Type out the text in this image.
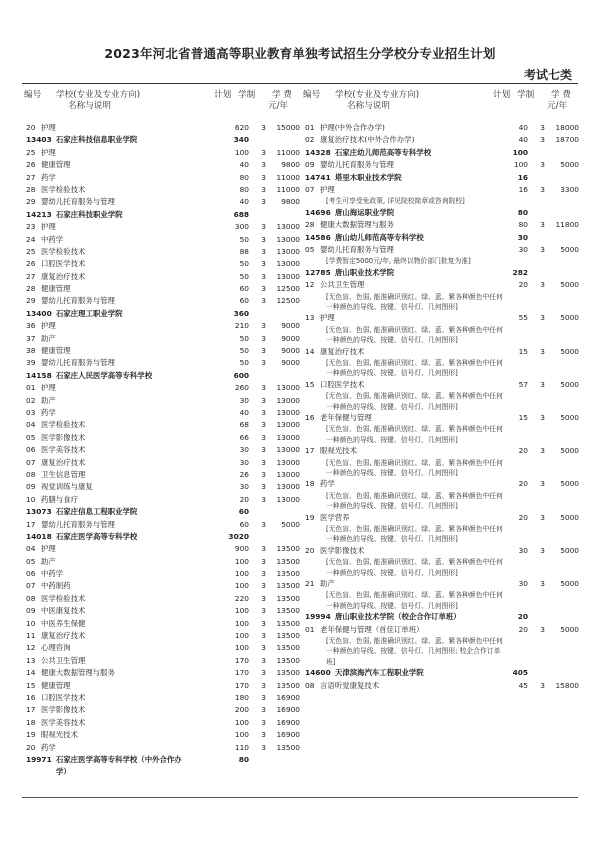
2023年河北省普通高等职业教育单独考试招生分学校分专业招生计划
考试七类
编号 学校(专业及专业方向)
名称与说明
计划 学制 学 费
元/年
20 护理	620	3	15000
13403 石家庄科技信息职业学院	340
25 护理	100	3	11000
26 健康管理	40	3	9800
27 药学	80	3	11000
28 医学检验技术	80	3	11000
29 婴幼儿托育服务与管理	40	3	9800
14213 石家庄科技职业学院	688
23 护理	300	3	13000
24 中药学	50	3	13000
25 医学检验技术	88	3	13000
26 口腔医学技术	50	3	13000
27 康复治疗技术	50	3	13000
28 健康管理	60	3	12500
29 婴幼儿托育服务与管理	60	3	12500
13400 石家庄理工职业学院	360
36 护理	210	3	9000
37 助产	50	3	9000
38 健康管理	50	3	9000
39 婴幼儿托育服务与管理	50	3	9000
14158 石家庄人民医学高等专科学校	600
01 护理	260	3	13000
02 助产	30	3	13000
03 药学	40	3	13000
04 医学检验技术	68	3	13000
05 医学影像技术	66	3	13000
06 医学美容技术	30	3	13000
07 康复治疗技术	30	3	13000
08 卫生信息管理	26	3	13000
09 视觉训练与康复	30	3	13000
10 药膳与食疗	20	3	13000
13073 石家庄信息工程职业学院	60
17 婴幼儿托育服务与管理	60	3	5000
14018 石家庄医学高等专科学校	3020
04 护理	900	3	13500
05 助产	100	3	13500
06 中药学	100	3	13500
07 中药制药	100	3	13500
08 医学检验技术	220	3	13500
09 中医康复技术	100	3	13500
10 中医养生保健	100	3	13500
11 康复治疗技术	100	3	13500
12 心理咨询	100	3	13500
13 公共卫生管理	170	3	13500
14 健康大数据管理与服务	170	3	13500
15 健康管理	170	3	13500
16 口腔医学技术	180	3	16900
17 医学影像技术	200	3	16900
18 医学美容技术	100	3	16900
19 眼视光技术	100	3	16900
20 药学	110	3	13500
19971 石家庄医学高等专科学校（中外合作办	80
学）
编号 学校(专业及专业方向)
名称与说明
计划 学制 学 费
元/年
01 护理(中外合作办学)	40	3	18000
02 康复治疗技术(中外合作办学)	40	3	18700
14328 石家庄幼儿师范高等专科学校	100
09 婴幼儿托育服务与管理	100	3	5000
14741 塔里木职业技术学院	16
07 护理	16	3	3300
[考生可享受免政策, 详见院校简章或咨询院校]
14696 唐山海运职业学院	80
28 健康大数据管理与服务	80	3	11800
14586 唐山幼儿师范高等专科学校	30
05 婴幼儿托育服务与管理	30	3	5000
[学费暂定5000元/年, 最终以物价部门批复为准]
12785 唐山职业技术学院	282
12 公共卫生管理	20	3	5000
[无色盲、色弱, 能准确识别红、绿、蓝、紫各种颜色中任何一种颜色的导线、按键、信号灯、几何图形]
13 护理	55	3	5000
[无色盲、色弱, 能准确识别红、绿、蓝、紫各种颜色中任何一种颜色的导线、按键、信号灯、几何图形]
14 康复治疗技术	15	3	5000
[无色盲、色弱, 能准确识别红、绿、蓝、紫各种颜色中任何一种颜色的导线、按键、信号灯、几何图形]
15 口腔医学技术	57	3	5000
[无色盲、色弱, 能准确识别红、绿、蓝、紫各种颜色中任何一种颜色的导线、按键、信号灯、几何图形]
16 老年保健与管理	15	3	5000
[无色盲、色弱, 能准确识别红、绿、蓝、紫各种颜色中任何一种颜色的导线、按键、信号灯、几何图形]
17 眼视光技术	20	3	5000
[无色盲、色弱, 能准确识别红、绿、蓝、紫各种颜色中任何一种颜色的导线、按键、信号灯、几何图形]
18 药学	20	3	5000
[无色盲、色弱, 能准确识别红、绿、蓝、紫各种颜色中任何一种颜色的导线、按键、信号灯、几何图形]
19 医学营养	20	3	5000
[无色盲、色弱, 能准确识别红、绿、蓝、紫各种颜色中任何一种颜色的导线、按键、信号灯、几何图形]
20 医学影像技术	30	3	5000
[无色盲、色弱, 能准确识别红、绿、蓝、紫各种颜色中任何一种颜色的导线、按键、信号灯、几何图形]
21 助产	30	3	5000
[无色盲、色弱, 能准确识别红、绿、蓝、紫各种颜色中任何一种颜色的导线、按键、信号灯、几何图形]
19994 唐山职业技术学院（校企合作订单班）	20
01 老年保健与管理（首佳订单班）	20	3	5000
[无色盲、色弱, 能准确识别红、绿、蓝、紫各种颜色中任何一种颜色的导线、按键、信号灯、几何图形; 校企合作订单班]
14600 天津滨海汽车工程职业学院	405
08 言语听觉康复技术	45	3	15800
